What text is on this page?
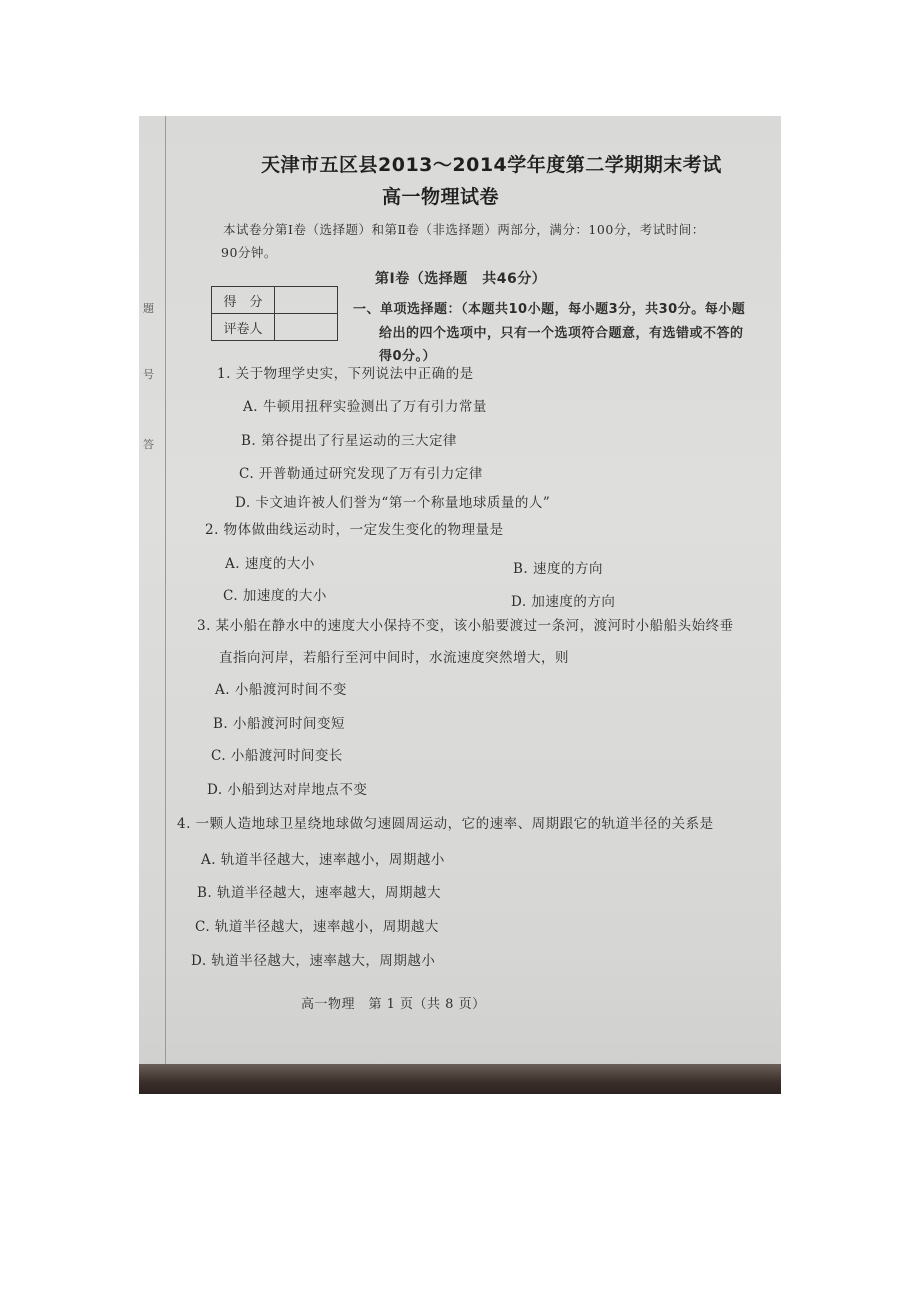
題
号
答
天津市五区县2013～2014学年度第二学期期末考试
高一物理试卷
本试卷分第Ⅰ卷（选择题）和第Ⅱ卷（非选择题）两部分，满分：100分，考试时间：
90分钟。
第Ⅰ卷（选择题　共46分）
得　分	
评卷人	
一、单项选择题：（本题共10小题，每小题3分，共30分。每小题
给出的四个选项中，只有一个选项符合题意，有选错或不答的
得0分。）
1. 关于物理学史实，下列说法中正确的是
A. 牛顿用扭秤实验测出了万有引力常量
B. 第谷提出了行星运动的三大定律
C. 开普勒通过研究发现了万有引力定律
D. 卡文迪许被人们誉为“第一个称量地球质量的人”
2. 物体做曲线运动时，一定发生变化的物理量是
A. 速度的大小	B. 速度的方向
C. 加速度的大小	D. 加速度的方向

3. 某小船在静水中的速度大小保持不变，该小船要渡过一条河，渡河时小船船头始终垂
直指向河岸，若船行至河中间时，水流速度突然增大，则
A. 小船渡河时间不变
B. 小船渡河时间变短
C. 小船渡河时间变长
D. 小船到达对岸地点不变
4. 一颗人造地球卫星绕地球做匀速圆周运动，它的速率、周期跟它的轨道半径的关系是
A. 轨道半径越大，速率越小，周期越小
B. 轨道半径越大，速率越大，周期越大
C. 轨道半径越大，速率越小，周期越大
D. 轨道半径越大，速率越大，周期越小
高一物理　第 1 页（共 8 页）
